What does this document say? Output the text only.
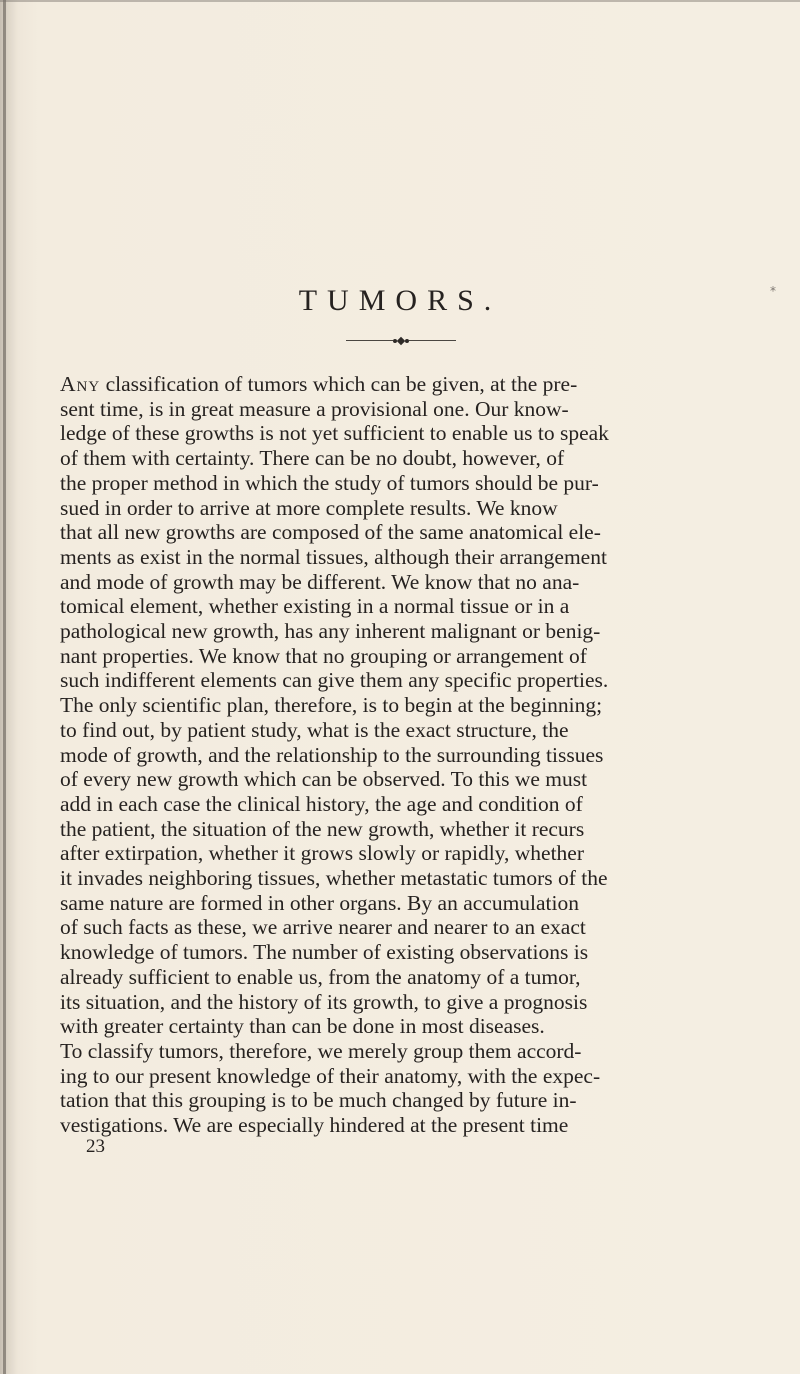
*
TUMORS.
Any classification of tumors which can be given, at the pre-
sent time, is in great measure a provisional one. Our know-
ledge of these growths is not yet sufficient to enable us to speak
of them with certainty. There can be no doubt, however, of
the proper method in which the study of tumors should be pur-
sued in order to arrive at more complete results. We know
that all new growths are composed of the same anatomical ele-
ments as exist in the normal tissues, although their arrangement
and mode of growth may be different. We know that no ana-
tomical element, whether existing in a normal tissue or in a
pathological new growth, has any inherent malignant or benig-
nant properties. We know that no grouping or arrangement of
such indifferent elements can give them any specific properties.
The only scientific plan, therefore, is to begin at the beginning;
to find out, by patient study, what is the exact structure, the
mode of growth, and the relationship to the surrounding tissues
of every new growth which can be observed. To this we must
add in each case the clinical history, the age and condition of
the patient, the situation of the new growth, whether it recurs
after extirpation, whether it grows slowly or rapidly, whether
it invades neighboring tissues, whether metastatic tumors of the
same nature are formed in other organs. By an accumulation
of such facts as these, we arrive nearer and nearer to an exact
knowledge of tumors. The number of existing observations is
already sufficient to enable us, from the anatomy of a tumor,
its situation, and the history of its growth, to give a prognosis
with greater certainty than can be done in most diseases.
To classify tumors, therefore, we merely group them accord-
ing to our present knowledge of their anatomy, with the expec-
tation that this grouping is to be much changed by future in-
vestigations. We are especially hindered at the present time

23
